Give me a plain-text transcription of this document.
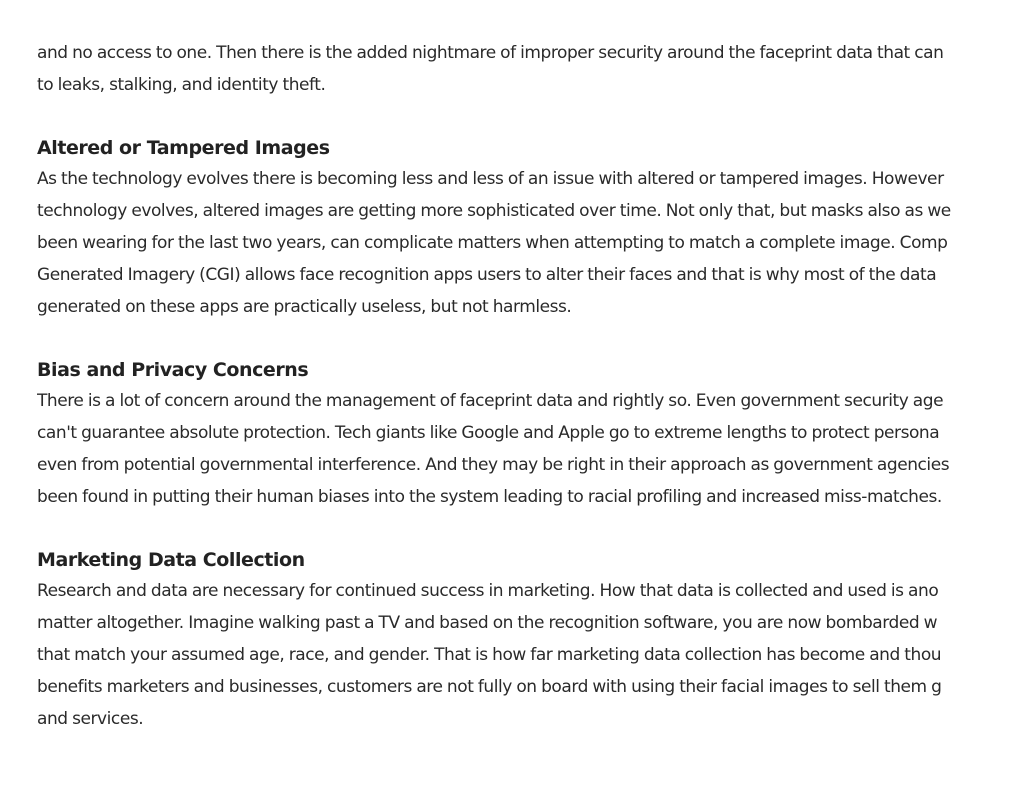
and no access to one. Then there is the added nightmare of improper security around the faceprint data that can
to leaks, stalking, and identity theft.
Altered or Tampered Images
As the technology evolves there is becoming less and less of an issue with altered or tampered images. However
technology evolves, altered images are getting more sophisticated over time. Not only that, but masks also as we
been wearing for the last two years, can complicate matters when attempting to match a complete image. Comp
Generated Imagery (CGI) allows face recognition apps users to alter their faces and that is why most of the data
generated on these apps are practically useless, but not harmless.
Bias and Privacy Concerns
There is a lot of concern around the management of faceprint data and rightly so. Even government security age
can't guarantee absolute protection. Tech giants like Google and Apple go to extreme lengths to protect persona
even from potential governmental interference. And they may be right in their approach as government agencies
been found in putting their human biases into the system leading to racial profiling and increased miss-matches.
Marketing Data Collection
Research and data are necessary for continued success in marketing. How that data is collected and used is ano
matter altogether. Imagine walking past a TV and based on the recognition software, you are now bombarded w
that match your assumed age, race, and gender. That is how far marketing data collection has become and thou
benefits marketers and businesses, customers are not fully on board with using their facial images to sell them g
and services.
